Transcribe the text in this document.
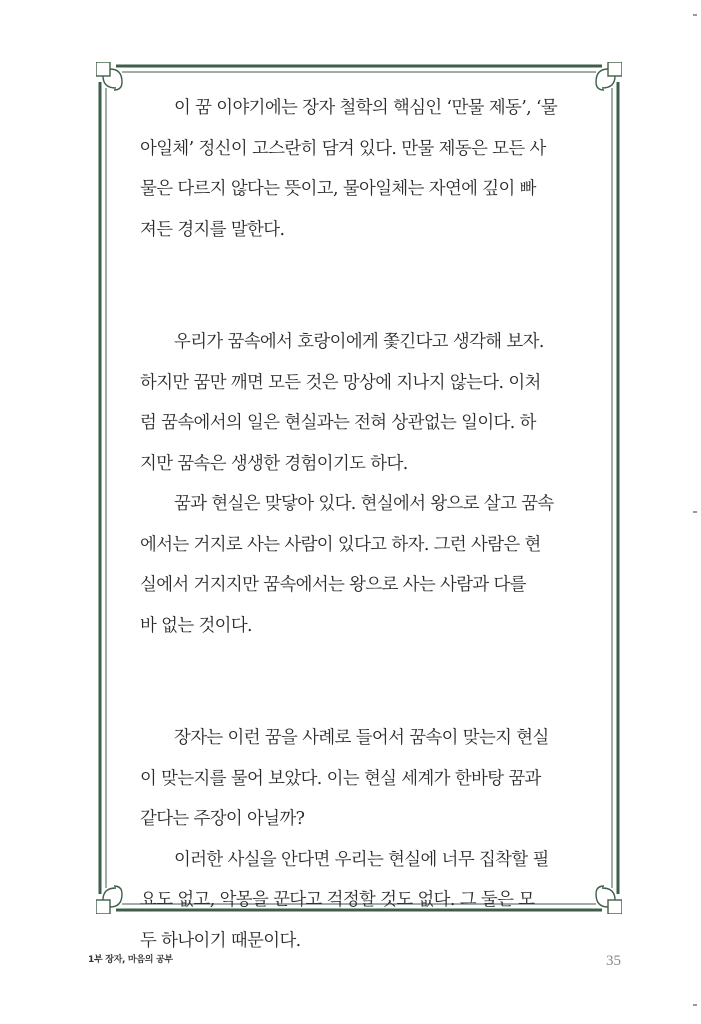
이 꿈 이야기에는 장자 철학의 핵심인 ‘만물 제동’, ‘물
아일체’ 정신이 고스란히 담겨 있다. 만물 제동은 모든 사
물은 다르지 않다는 뜻이고, 물아일체는 자연에 깊이 빠
져든 경지를 말한다.

우리가 꿈속에서 호랑이에게 쫓긴다고 생각해 보자.
하지만 꿈만 깨면 모든 것은 망상에 지나지 않는다. 이처
럼 꿈속에서의 일은 현실과는 전혀 상관없는 일이다. 하
지만 꿈속은 생생한 경험이기도 하다.

꿈과 현실은 맞닿아 있다. 현실에서 왕으로 살고 꿈속
에서는 거지로 사는 사람이 있다고 하자. 그런 사람은 현
실에서 거지지만 꿈속에서는 왕으로 사는 사람과 다를
바 없는 것이다.

장자는 이런 꿈을 사례로 들어서 꿈속이 맞는지 현실
이 맞는지를 물어 보았다. 이는 현실 세계가 한바탕 꿈과
같다는 주장이 아닐까?

이러한 사실을 안다면 우리는 현실에 너무 집착할 필
요도 없고, 악몽을 꾼다고 걱정할 것도 없다. 그 둘은 모
두 하나이기 때문이다.

1부 장자, 마음의 공부	35
